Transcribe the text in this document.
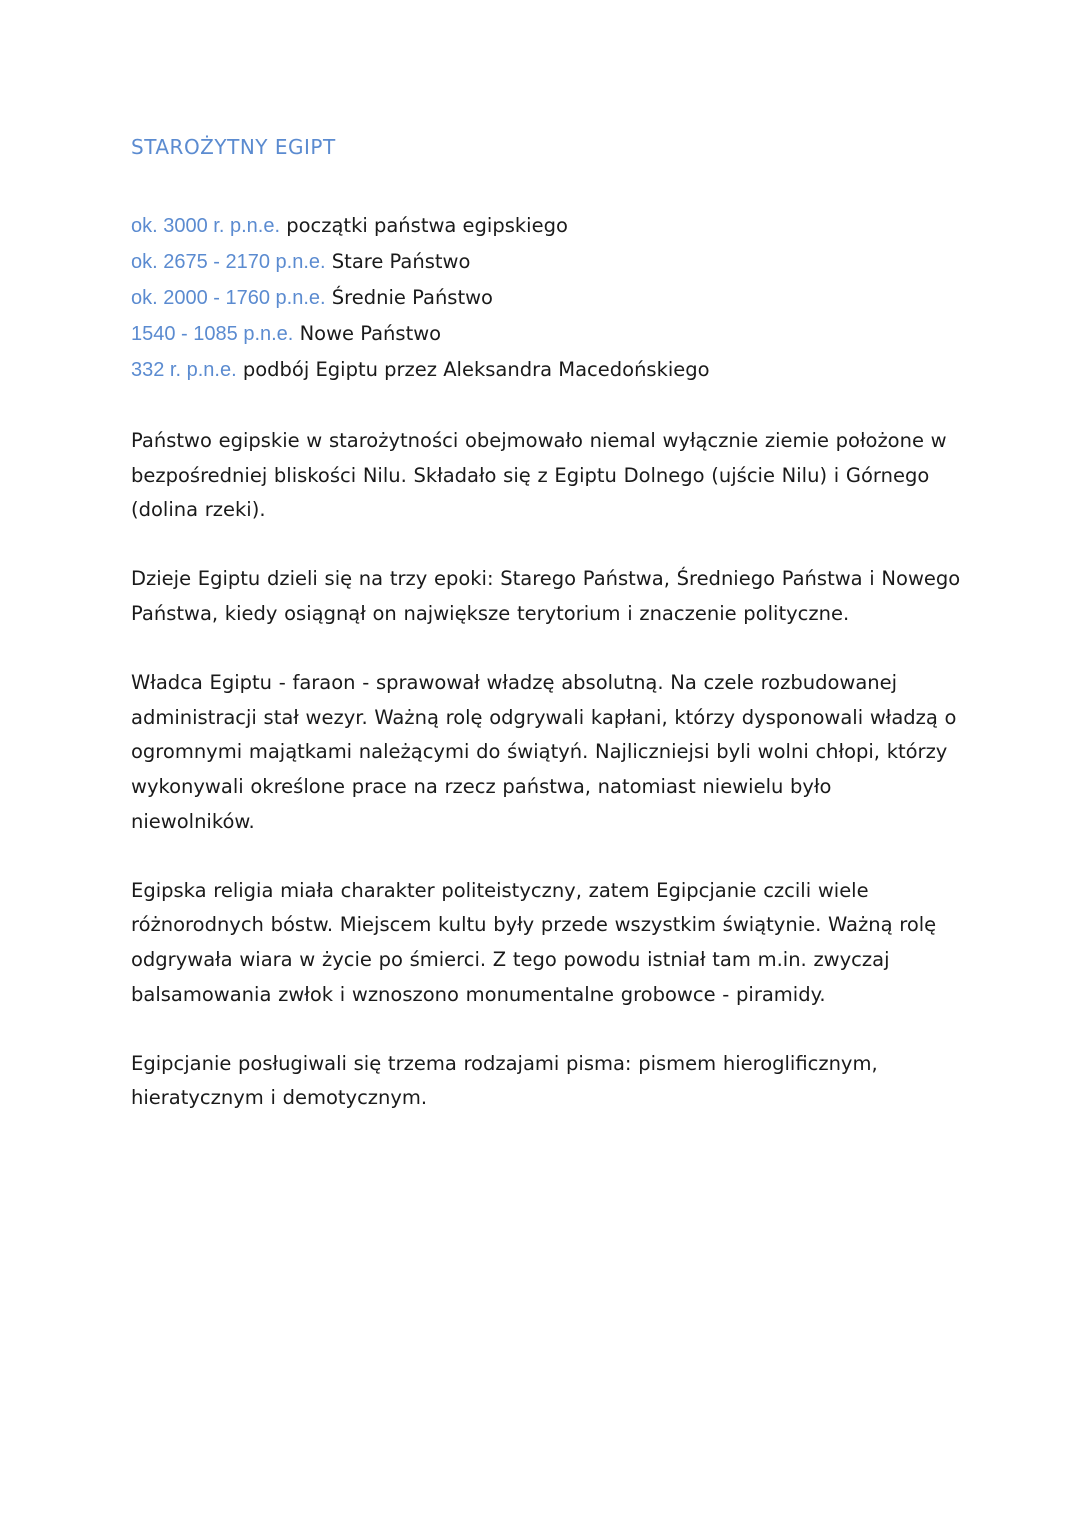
STAROŻYTNY EGIPT
ok. 3000 r. p.n.e. początki państwa egipskiego
ok. 2675 - 2170 p.n.e. Stare Państwo
ok. 2000 - 1760 p.n.e. Średnie Państwo
1540 - 1085 p.n.e. Nowe Państwo
332 r. p.n.e. podbój Egiptu przez Aleksandra Macedońskiego

Państwo egipskie w starożytności obejmowało niemal wyłącznie ziemie położone w bezpośredniej bliskości Nilu. Składało się z Egiptu Dolnego (ujście Nilu) i Górnego (dolina rzeki).

Dzieje Egiptu dzieli się na trzy epoki: Starego Państwa, Średniego Państwa i Nowego Państwa, kiedy osiągnął on największe terytorium i znaczenie polityczne.

Władca Egiptu - faraon - sprawował władzę absolutną. Na czele rozbudowanej administracji stał wezyr. Ważną rolę odgrywali kapłani, którzy dysponowali władzą o ogromnymi majątkami należącymi do świątyń. Najliczniejsi byli wolni chłopi, którzy wykonywali określone prace na rzecz państwa, natomiast niewielu było niewolników.

Egipska religia miała charakter politeistyczny, zatem Egipcjanie czcili wiele różnorodnych bóstw. Miejscem kultu były przede wszystkim świątynie. Ważną rolę odgrywała wiara w życie po śmierci. Z tego powodu istniał tam m.in. zwyczaj balsamowania zwłok i wznoszono monumentalne grobowce - piramidy.

Egipcjanie posługiwali się trzema rodzajami pisma: pismem hieroglificznym, hieratycznym i demotycznym.
